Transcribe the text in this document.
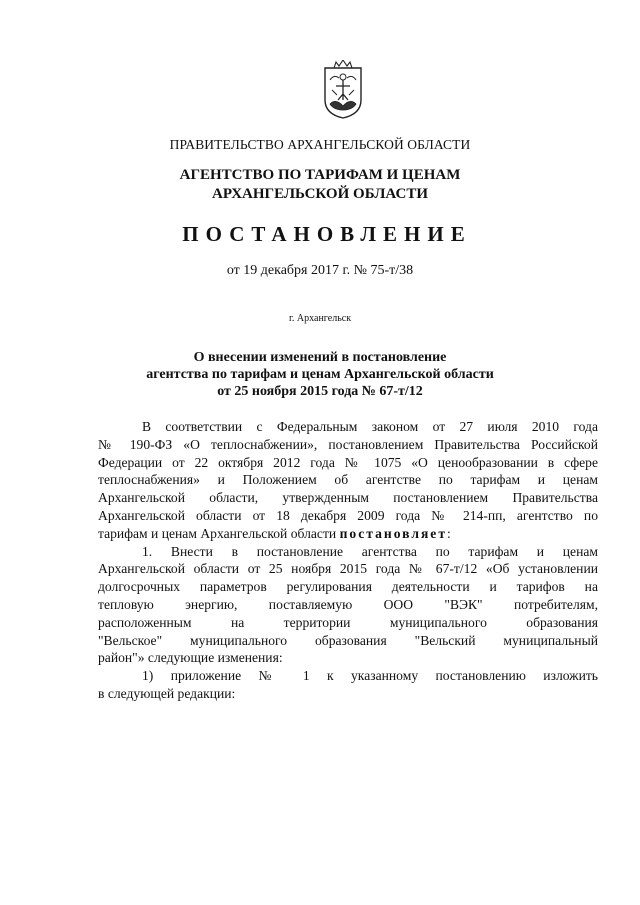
ПРАВИТЕЛЬСТВО АРХАНГЕЛЬСКОЙ ОБЛАСТИ
АГЕНТСТВО ПО ТАРИФАМ И ЦЕНАМ
АРХАНГЕЛЬСКОЙ ОБЛАСТИ
ПОСТАНОВЛЕНИЕ
от 19 декабря 2017 г. № 75-т/38
г. Архангельск
О внесении изменений в постановление
агентства по тарифам и ценам Архангельской области
от 25 ноября 2015 года № 67-т/12
В соответствии с Федеральным законом от 27 июля 2010 года
№ 190-ФЗ «О теплоснабжении», постановлением Правительства Российской
Федерации от 22 октября 2012 года № 1075 «О ценообразовании в сфере
теплоснабжения» и Положением об агентстве по тарифам и ценам
Архангельской области, утвержденным постановлением Правительства
Архангельской области от 18 декабря 2009 года № 214-пп, агентство по
тарифам и ценам Архангельской области постановляет:
1. Внести в постановление агентства по тарифам и ценам
Архангельской области от 25 ноября 2015 года № 67-т/12 «Об установлении
долгосрочных параметров регулирования деятельности и тарифов на
тепловую энергию, поставляемую ООО "ВЭК" потребителям,
расположенным на территории муниципального образования
"Вельское" муниципального образования "Вельский муниципальный
район"» следующие изменения:
1) приложение № 1 к указанному постановлению изложить
в следующей редакции:
